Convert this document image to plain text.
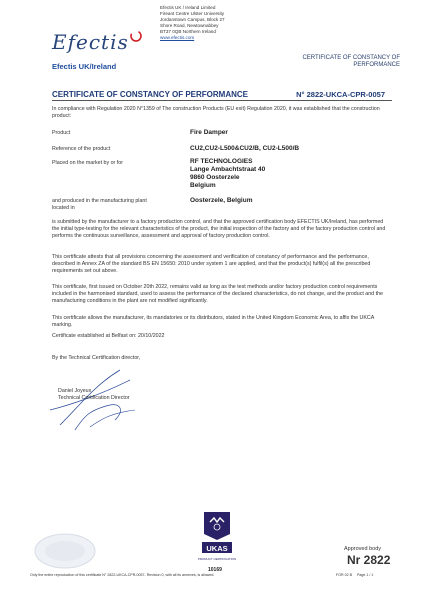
Efectis
Efectis UK/Ireland
Efectis UK / Ireland Limited
Fireant Centre Ulster University
Jordanstown Campus, Block 27
Shore Road, Newtownabbey
BT37 0QB Northern Ireland
www.efectis.com
CERTIFICATE OF CONSTANCY OF
PERFORMANCE
CERTIFICATE OF CONSTANCY OF PERFORMANCE	N° 2822-UKCA-CPR-0057
In compliance with Regulation 2020 N°1359 of The construction Products (EU exit) Regulation 2020, it was established that the construction product:
Product	Fire Damper
Reference of the product	CU2,CU2-L500&CU2/B, CU2-L500/B
Placed on the market by or for	RF TECHNOLOGIES
Lange Ambachtstraat 40
9860 Oosterzele
Belgium
and produced in the manufacturing plant
located in
Oosterzele, Belgium
is submitted by the manufacturer to a factory production control, and that the approved certification body EFECTIS UK/Ireland, has performed the initial type-testing for the relevant characteristics of the product, the initial inspection of the factory and of the factory production control and performs the continuous surveillance, assessment and approval of factory production control.
This certificate attests that all provisions concerning the assessment and verification of constancy of performance and the performance, described in Annex ZA of the standard BS EN 15650: 2010 under system 1 are applied, and that the product(s) fulfil(s) all the prescribed requirements set out above.
This certificate, first issued on October 20th 2022, remains valid as long as the test methods and/or factory production control requirements included in the harmonised standard, used to assess the performance of the declared characteristics, do not change, and the product and the manufacturing conditions in the plant are not modified significantly.
This certificate allows the manufacturer, its mandatories or its distributors, stated in the United Kingdom Economic Area, to affix the UKCA marking.
Certificate established at Belfast on: 20/10/2022
By the Technical Certification director,
Daniel Joyeux
Technical Certification Director
UKAS
PRODUCT CERTIFICATION
10169
Approved body
Nr 2822
Only the entire reproduction of this certificate N° 2822-UKCA-CPR-0057- Revision 0, with all its annexes, is allowed.	FOR 02 B Page 1 / 1
